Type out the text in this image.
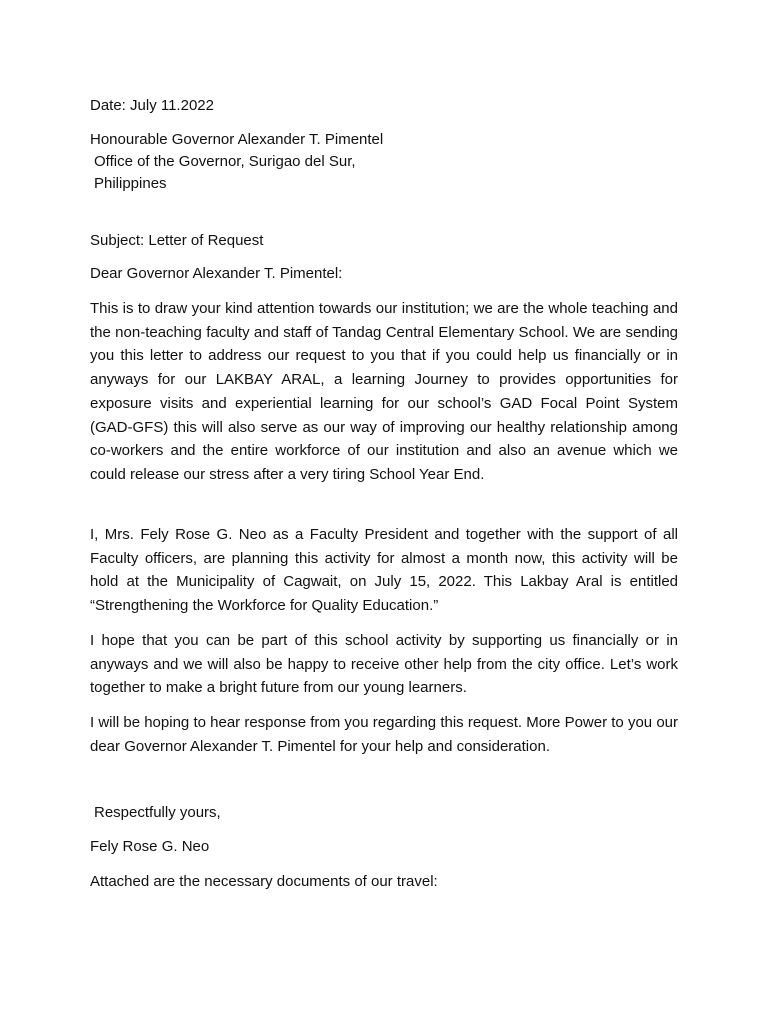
Date: July 11.2022
Honourable Governor Alexander T. Pimentel
Office of the Governor, Surigao del Sur,
Philippines
Subject: Letter of Request
Dear Governor Alexander T. Pimentel:
This is to draw your kind attention towards our institution; we are the whole teaching and the non-teaching faculty and staff of Tandag Central Elementary School. We are sending you this letter to address our request to you that if you could help us financially or in anyways for our LAKBAY ARAL, a learning Journey to provides opportunities for exposure visits and experiential learning for our school’s GAD Focal Point System (GAD-GFS) this will also serve as our way of improving our healthy relationship among co-workers and the entire workforce of our institution and also an avenue which we could release our stress after a very tiring School Year End.
I, Mrs. Fely Rose G. Neo as a Faculty President and together with the support of all Faculty officers, are planning this activity for almost a month now, this activity will be hold at the Municipality of Cagwait, on July 15, 2022. This Lakbay Aral is entitled “Strengthening the Workforce for Quality Education.”
I hope that you can be part of this school activity by supporting us financially or in anyways and we will also be happy to receive other help from the city office. Let’s work together to make a bright future from our young learners.
I will be hoping to hear response from you regarding this request. More Power to you our dear Governor Alexander T. Pimentel for your help and consideration.
Respectfully yours,
Fely Rose G. Neo
Attached are the necessary documents of our travel:
